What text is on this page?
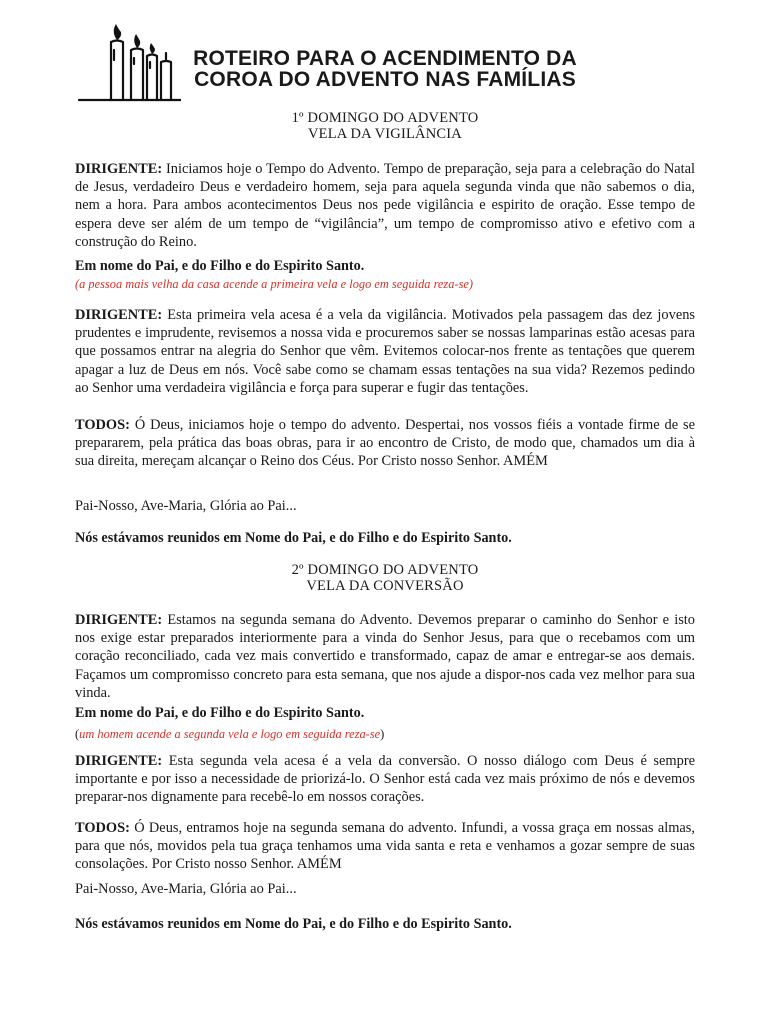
ROTEIRO PARA O ACENDIMENTO DA
COROA DO ADVENTO NAS FAMÍLIAS
1º DOMINGO DO ADVENTO
VELA DA VIGILÂNCIA

DIRIGENTE: Iniciamos hoje o Tempo do Advento. Tempo de preparação, seja para a celebração do Natal de Jesus, verdadeiro Deus e verdadeiro homem, seja para aquela segunda vinda que não sabemos o dia, nem a hora. Para ambos acontecimentos Deus nos pede vigilância e espirito de oração. Esse tempo de espera deve ser além de um tempo de “vigilância”, um tempo de compromisso ativo e efetivo com a construção do Reino.

Em nome do Pai, e do Filho e do Espirito Santo.
(a pessoa mais velha da casa acende a primeira vela e logo em seguida reza-se)

DIRIGENTE: Esta primeira vela acesa é a vela da vigilância. Motivados pela passagem das dez jovens prudentes e imprudente, revisemos a nossa vida e procuremos saber se nossas lamparinas estão acesas para que possamos entrar na alegria do Senhor que vêm. Evitemos colocar-nos frente as tentações que querem apagar a luz de Deus em nós. Você sabe como se chamam essas tentações na sua vida? Rezemos pedindo ao Senhor uma verdadeira vigilância e força para superar e fugir das tentações.

TODOS: Ó Deus, iniciamos hoje o tempo do advento. Despertai, nos vossos fiéis a vontade firme de se prepararem, pela prática das boas obras, para ir ao encontro de Cristo, de modo que, chamados um dia à sua direita, mereçam alcançar o Reino dos Céus. Por Cristo nosso Senhor. AMÉM

Pai-Nosso, Ave-Maria, Glória ao Pai...

Nós estávamos reunidos em Nome do Pai, e do Filho e do Espirito Santo.
2º DOMINGO DO ADVENTO
VELA DA CONVERSÃO

DIRIGENTE: Estamos na segunda semana do Advento. Devemos preparar o caminho do Senhor e isto nos exige estar preparados interiormente para a vinda do Senhor Jesus, para que o recebamos com um coração reconciliado, cada vez mais convertido e transformado, capaz de amar e entregar-se aos demais. Façamos um compromisso concreto para esta semana, que nos ajude a dispor-nos cada vez melhor para sua vinda.

Em nome do Pai, e do Filho e do Espirito Santo.
(um homem acende a segunda vela e logo em seguida reza-se)

DIRIGENTE: Esta segunda vela acesa é a vela da conversão. O nosso diálogo com Deus é sempre importante e por isso a necessidade de priorizá-lo. O Senhor está cada vez mais próximo de nós e devemos preparar-nos dignamente para recebê-lo em nossos corações.

TODOS: Ó Deus, entramos hoje na segunda semana do advento. Infundi, a vossa graça em nossas almas, para que nós, movidos pela tua graça tenhamos uma vida santa e reta e venhamos a gozar sempre de suas consolações. Por Cristo nosso Senhor. AMÉM

Pai-Nosso, Ave-Maria, Glória ao Pai...

Nós estávamos reunidos em Nome do Pai, e do Filho e do Espirito Santo.
